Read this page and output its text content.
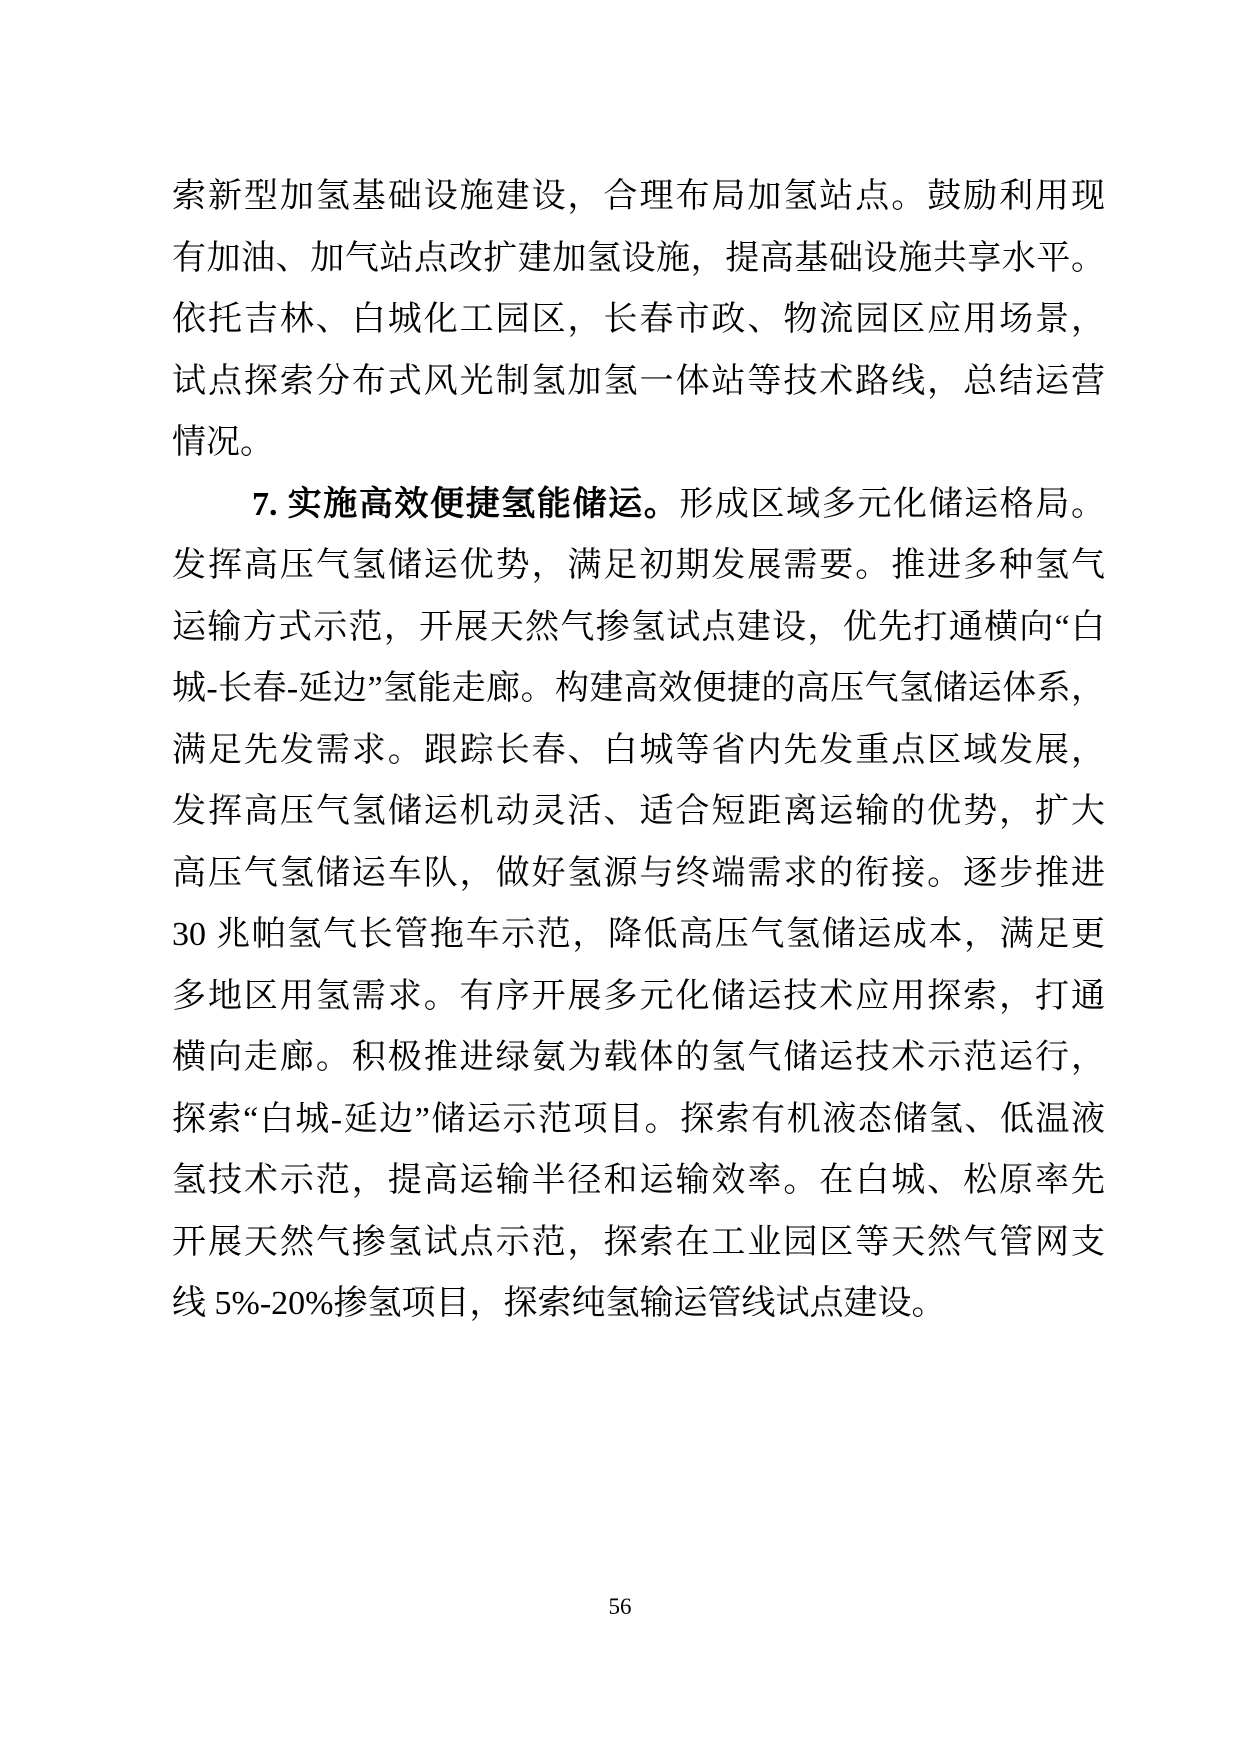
索新型加氢基础设施建设，合理布局加氢站点。鼓励利用现
有加油、加气站点改扩建加氢设施，提高基础设施共享水平。
依托吉林、白城化工园区，长春市政、物流园区应用场景，
试点探索分布式风光制氢加氢一体站等技术路线，总结运营
情况。
7. 实施高效便捷氢能储运。形成区域多元化储运格局。
发挥高压气氢储运优势，满足初期发展需要。推进多种氢气
运输方式示范，开展天然气掺氢试点建设，优先打通横向“白
城-长春-延边”氢能走廊。构建高效便捷的高压气氢储运体系，
满足先发需求。跟踪长春、白城等省内先发重点区域发展，
发挥高压气氢储运机动灵活、适合短距离运输的优势，扩大
高压气氢储运车队，做好氢源与终端需求的衔接。逐步推进
30 兆帕氢气长管拖车示范，降低高压气氢储运成本，满足更
多地区用氢需求。有序开展多元化储运技术应用探索，打通
横向走廊。积极推进绿氨为载体的氢气储运技术示范运行，
探索“白城-延边”储运示范项目。探索有机液态储氢、低温液
氢技术示范，提高运输半径和运输效率。在白城、松原率先
开展天然气掺氢试点示范，探索在工业园区等天然气管网支
线 5%-20%掺氢项目，探索纯氢输运管线试点建设。
56
